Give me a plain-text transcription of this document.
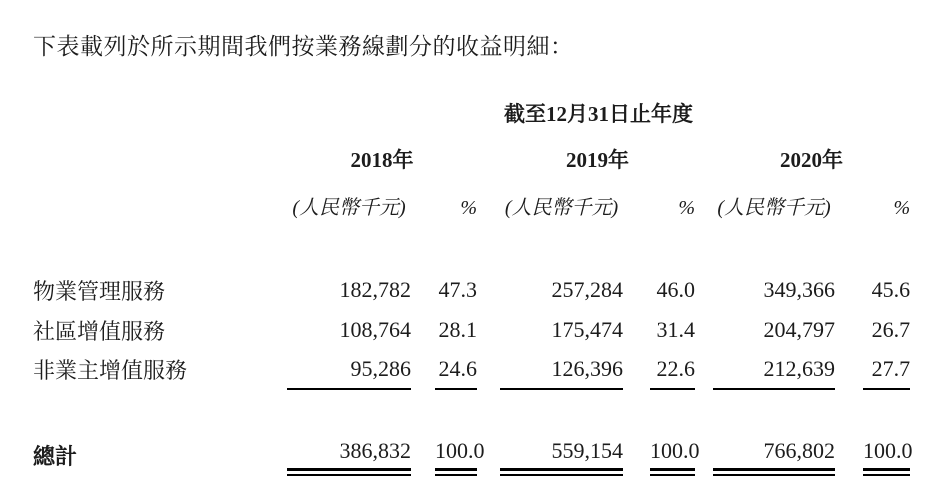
下表載列於所示期間我們按業務線劃分的收益明細：
	截至12月31日止年度										
	2018年				2019年				2020年		
	(人民幣千元)		%		(人民幣千元)		%		(人民幣千元)		%

物業管理服務	182,782		47.3		257,284		46.0		349,366		45.6
社區增值服務	108,764		28.1		175,474		31.4		204,797		26.7
非業主增值服務	95,286		24.6		126,396		22.6		212,639		27.7

總計	386,832		100.0		559,154		100.0		766,802		100.0
